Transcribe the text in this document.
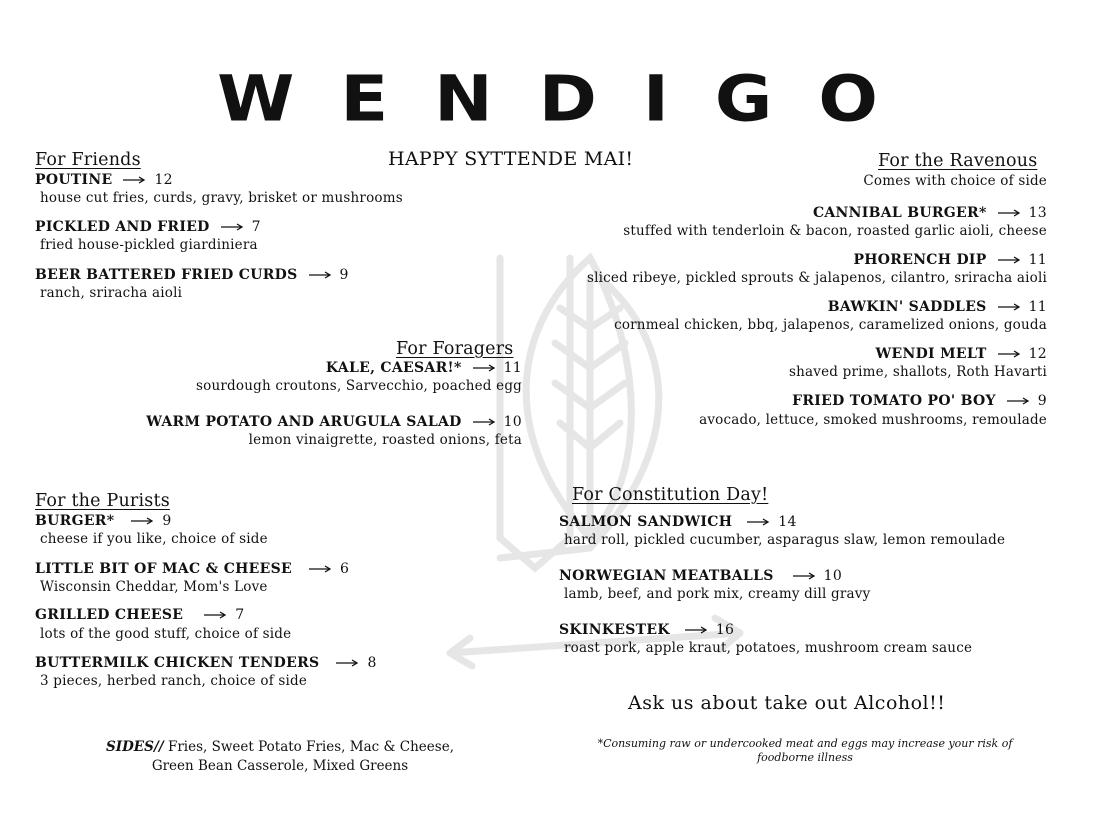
WENDIGO
HAPPY SYTTENDE MAI!
For Friends
POUTINE	12
house cut fries, curds, gravy, brisket or mushrooms
PICKLED AND FRIED	7
fried house-pickled giardiniera
BEER BATTERED FRIED CURDS	9
ranch, sriracha aioli
For Foragers
KALE, CAESAR!*	11
sourdough croutons, Sarvecchio, poached egg
WARM POTATO AND ARUGULA SALAD	10
lemon vinaigrette, roasted onions, feta
For the Purists
BURGER*	9
cheese if you like, choice of side
LITTLE BIT OF MAC & CHEESE	6
Wisconsin Cheddar, Mom's Love
GRILLED CHEESE	7
lots of the good stuff, choice of side
BUTTERMILK CHICKEN TENDERS	8
3 pieces, herbed ranch, choice of side
For the Ravenous
Comes with choice of side
CANNIBAL BURGER*	13
stuffed with tenderloin & bacon, roasted garlic aioli, cheese
PHORENCH DIP	11
sliced ribeye, pickled sprouts & jalapenos, cilantro, sriracha aioli
BAWKIN' SADDLES	11
cornmeal chicken, bbq, jalapenos, caramelized onions, gouda
WENDI MELT	12
shaved prime, shallots, Roth Havarti
FRIED TOMATO PO' BOY	9
avocado, lettuce, smoked mushrooms, remoulade
For Constitution Day!
SALMON SANDWICH	14
hard roll, pickled cucumber, asparagus slaw, lemon remoulade
NORWEGIAN MEATBALLS	10
lamb, beef, and pork mix, creamy dill gravy
SKINKESTEK	16
roast pork, apple kraut, potatoes, mushroom cream sauce
Ask us about take out Alcohol!!
SIDES// Fries, Sweet Potato Fries, Mac & Cheese,
Green Bean Casserole, Mixed Greens
*Consuming raw or undercooked meat and eggs may increase your risk of
foodborne illness
